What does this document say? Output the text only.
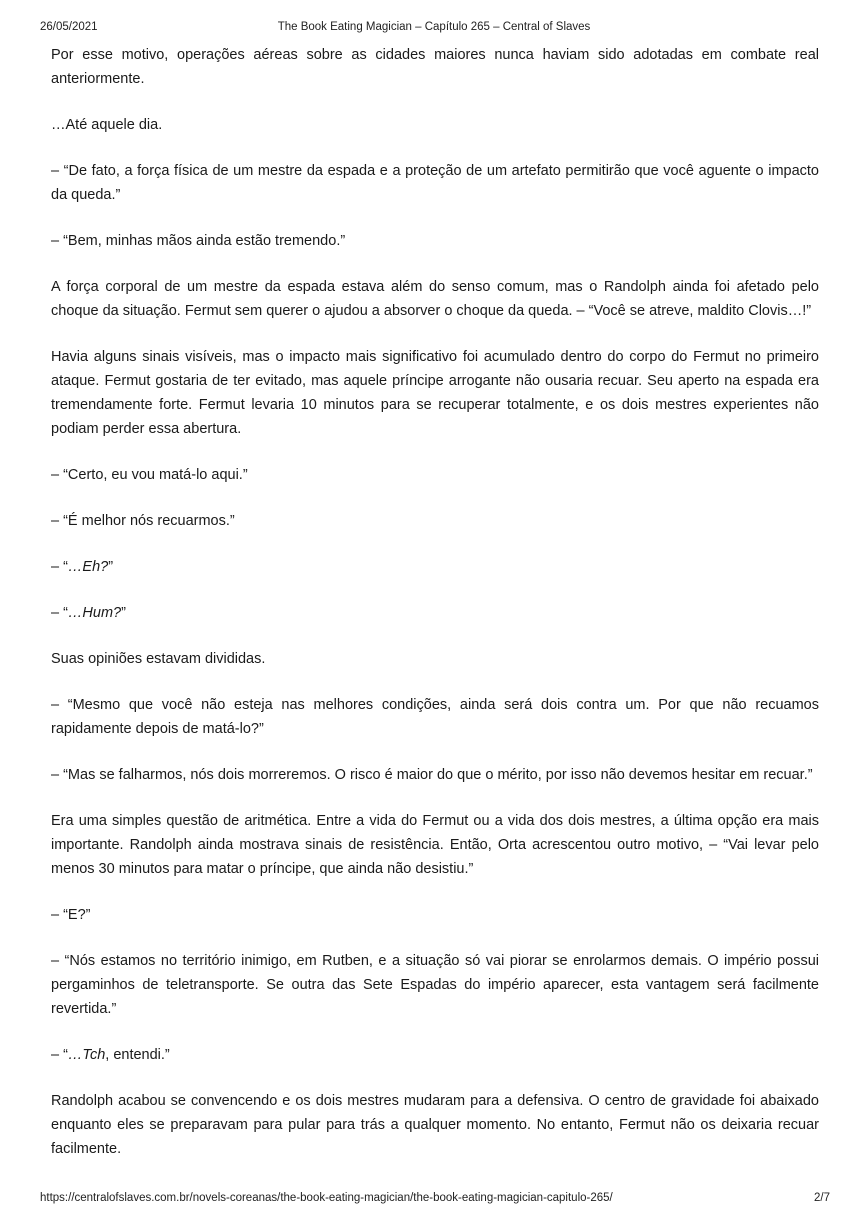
26/05/2021	The Book Eating Magician – Capítulo 265 – Central of Slaves

Por esse motivo, operações aéreas sobre as cidades maiores nunca haviam sido adotadas em combate real anteriormente.

…Até aquele dia.

– “De fato, a força física de um mestre da espada e a proteção de um artefato permitirão que você aguente o impacto da queda.”

– “Bem, minhas mãos ainda estão tremendo.”

A força corporal de um mestre da espada estava além do senso comum, mas o Randolph ainda foi afetado pelo choque da situação. Fermut sem querer o ajudou a absorver o choque da queda. – “Você se atreve, maldito Clovis…!”

Havia alguns sinais visíveis, mas o impacto mais significativo foi acumulado dentro do corpo do Fermut no primeiro ataque. Fermut gostaria de ter evitado, mas aquele príncipe arrogante não ousaria recuar. Seu aperto na espada era tremendamente forte. Fermut levaria 10 minutos para se recuperar totalmente, e os dois mestres experientes não podiam perder essa abertura.

– “Certo, eu vou matá-lo aqui.”

– “É melhor nós recuarmos.”

– “…Eh?”

– “…Hum?”

Suas opiniões estavam divididas.

– “Mesmo que você não esteja nas melhores condições, ainda será dois contra um. Por que não recuamos rapidamente depois de matá-lo?”

– “Mas se falharmos, nós dois morreremos. O risco é maior do que o mérito, por isso não devemos hesitar em recuar.”

Era uma simples questão de aritmética. Entre a vida do Fermut ou a vida dos dois mestres, a última opção era mais importante. Randolph ainda mostrava sinais de resistência. Então, Orta acrescentou outro motivo, – “Vai levar pelo menos 30 minutos para matar o príncipe, que ainda não desistiu.”

– “E?”

– “Nós estamos no território inimigo, em Rutben, e a situação só vai piorar se enrolarmos demais. O império possui pergaminhos de teletransporte. Se outra das Sete Espadas do império aparecer, esta vantagem será facilmente revertida.”

– “…Tch, entendi.”

Randolph acabou se convencendo e os dois mestres mudaram para a defensiva. O centro de gravidade foi abaixado enquanto eles se preparavam para pular para trás a qualquer momento. No entanto, Fermut não os deixaria recuar facilmente.

https://centralofslaves.com.br/novels-coreanas/the-book-eating-magician/the-book-eating-magician-capitulo-265/	2/7
